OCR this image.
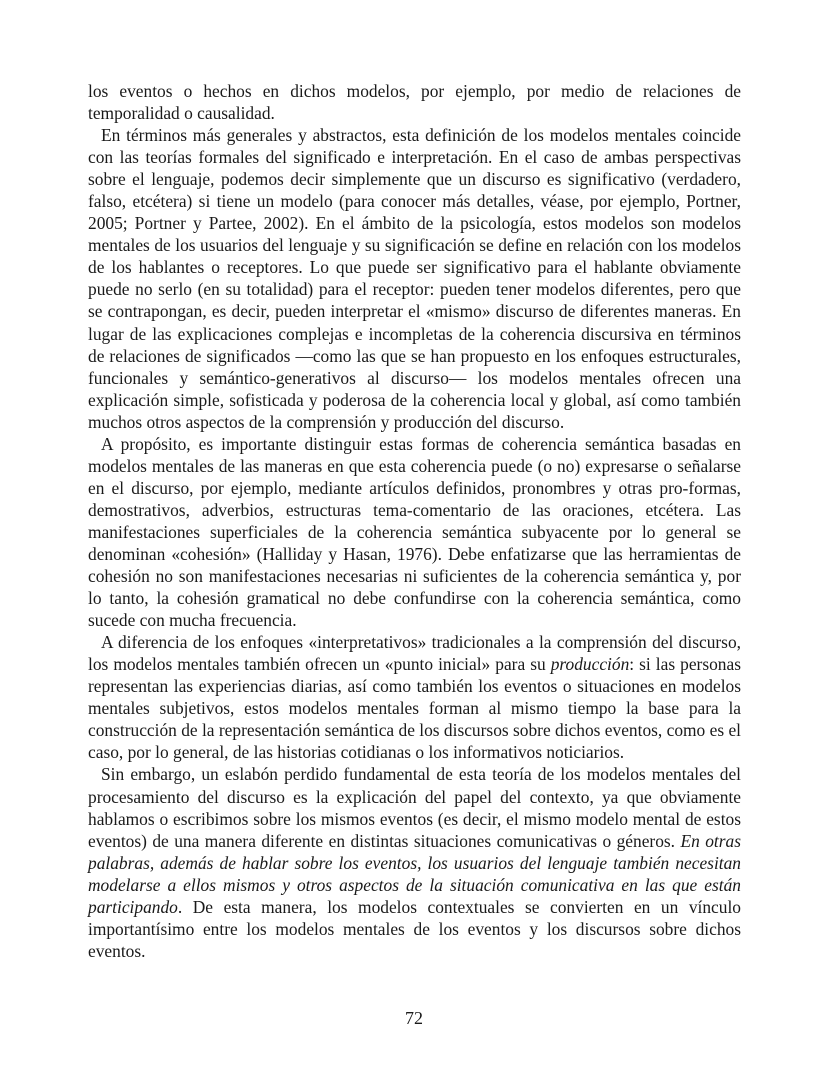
los eventos o hechos en dichos modelos, por ejemplo, por medio de relaciones de temporalidad o causalidad.

En términos más generales y abstractos, esta definición de los modelos mentales coincide con las teorías formales del significado e interpretación. En el caso de ambas perspectivas sobre el lenguaje, podemos decir simplemente que un discurso es significativo (verdadero, falso, etcétera) si tiene un modelo (para conocer más detalles, véase, por ejemplo, Portner, 2005; Portner y Partee, 2002). En el ámbito de la psicología, estos modelos son modelos mentales de los usuarios del lenguaje y su significación se define en relación con los modelos de los hablantes o receptores. Lo que puede ser significativo para el hablante obviamente puede no serlo (en su totalidad) para el receptor: pueden tener modelos diferentes, pero que se contrapongan, es decir, pueden interpretar el «mismo» discurso de diferentes maneras. En lugar de las explicaciones complejas e incompletas de la coherencia discursiva en términos de relaciones de significados —como las que se han propuesto en los enfoques estructurales, funcionales y semántico-generativos al discurso— los modelos mentales ofrecen una explicación simple, sofisticada y poderosa de la coherencia local y global, así como también muchos otros aspectos de la comprensión y producción del discurso.

A propósito, es importante distinguir estas formas de coherencia semántica basadas en modelos mentales de las maneras en que esta coherencia puede (o no) expresarse o señalarse en el discurso, por ejemplo, mediante artículos definidos, pronombres y otras pro-formas, demostrativos, adverbios, estructuras tema-comentario de las oraciones, etcétera. Las manifestaciones superficiales de la coherencia semántica subyacente por lo general se denominan «cohesión» (Halliday y Hasan, 1976). Debe enfatizarse que las herramientas de cohesión no son manifestaciones necesarias ni suficientes de la coherencia semántica y, por lo tanto, la cohesión gramatical no debe confundirse con la coherencia semántica, como sucede con mucha frecuencia.

A diferencia de los enfoques «interpretativos» tradicionales a la comprensión del discurso, los modelos mentales también ofrecen un «punto inicial» para su producción: si las personas representan las experiencias diarias, así como también los eventos o situaciones en modelos mentales subjetivos, estos modelos mentales forman al mismo tiempo la base para la construcción de la representación semántica de los discursos sobre dichos eventos, como es el caso, por lo general, de las historias cotidianas o los informativos noticiarios.

Sin embargo, un eslabón perdido fundamental de esta teoría de los modelos mentales del procesamiento del discurso es la explicación del papel del contexto, ya que obviamente hablamos o escribimos sobre los mismos eventos (es decir, el mismo modelo mental de estos eventos) de una manera diferente en distintas situaciones comunicativas o géneros. En otras palabras, además de hablar sobre los eventos, los usuarios del lenguaje también necesitan modelarse a ellos mismos y otros aspectos de la situación comunicativa en las que están participando. De esta manera, los modelos contextuales se convierten en un vínculo importantísimo entre los modelos mentales de los eventos y los discursos sobre dichos eventos.

72
